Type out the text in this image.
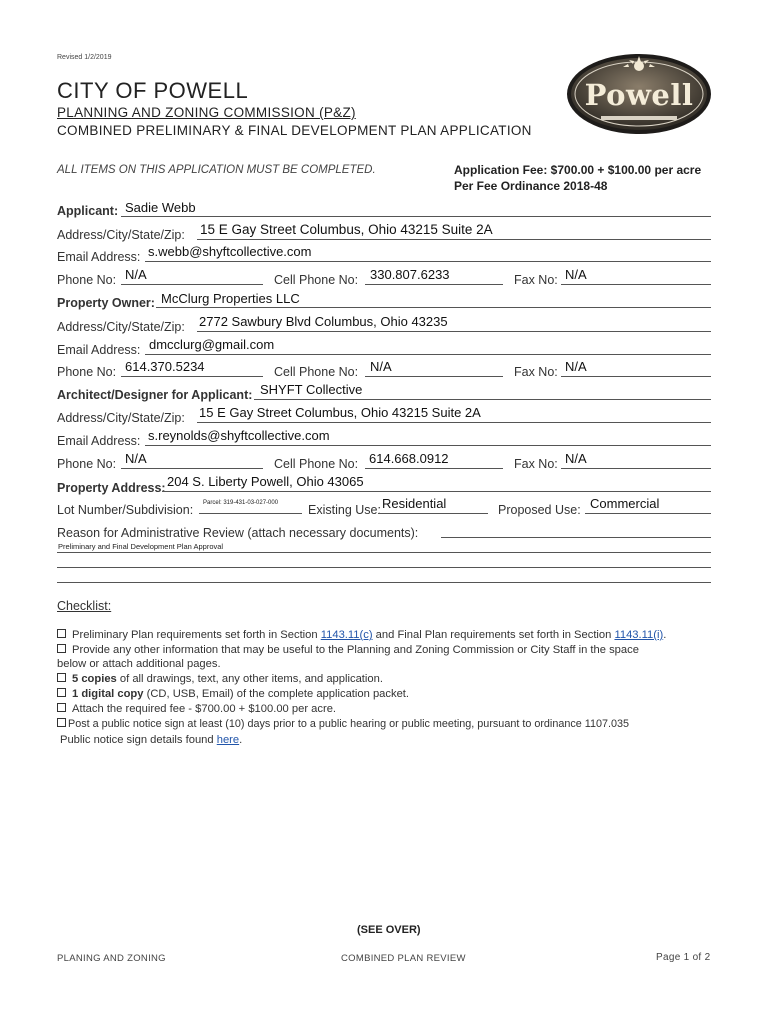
Revised 1/2/2019
CITY OF POWELL
PLANNING AND ZONING COMMISSION (P&Z)
COMBINED PRELIMINARY & FINAL DEVELOPMENT PLAN APPLICATION
Powell
ALL ITEMS ON THIS APPLICATION MUST BE COMPLETED.	Application Fee: $700.00 + $100.00 per acre
Per Fee Ordinance 2018-48
Applicant: Sadie Webb
Address/City/State/Zip: 15 E Gay Street Columbus, Ohio 43215 Suite 2A
Email Address: s.webb@shyftcollective.com
Phone No: N/A	Cell Phone No: 330.807.6233	Fax No: N/A
Property Owner: McClurg Properties LLC
Address/City/State/Zip: 2772 Sawbury Blvd Columbus, Ohio 43235
Email Address: dmcclurg@gmail.com
Phone No: 614.370.5234	Cell Phone No: N/A	Fax No: N/A
Architect/Designer for Applicant: SHYFT Collective
Address/City/State/Zip: 15 E Gay Street Columbus, Ohio 43215 Suite 2A
Email Address: s.reynolds@shyftcollective.com
Phone No: N/A	Cell Phone No: 614.668.0912	Fax No: N/A
Property Address: 204 S. Liberty Powell, Ohio 43065
Lot Number/Subdivision: Parcel: 319-431-03-027-000 Existing Use: Residential	Proposed Use: Commercial
Reason for Administrative Review (attach necessary documents):
Preliminary and Final Development Plan Approval
Checklist:
Preliminary Plan requirements set forth in Section 1143.11(c) and Final Plan requirements set forth in Section 1143.11(i).
Provide any other information that may be useful to the Planning and Zoning Commission or City Staff in the space
below or attach additional pages.
5 copies of all drawings, text, any other items, and application.
1 digital copy (CD, USB, Email) of the complete application packet.
Attach the required fee - $700.00 + $100.00 per acre.
Post a public notice sign at least (10) days prior to a public hearing or public meeting, pursuant to ordinance 1107.035
Public notice sign details found here.
(SEE OVER)
PLANING AND ZONING	COMBINED PLAN REVIEW	Page 1 of 2
